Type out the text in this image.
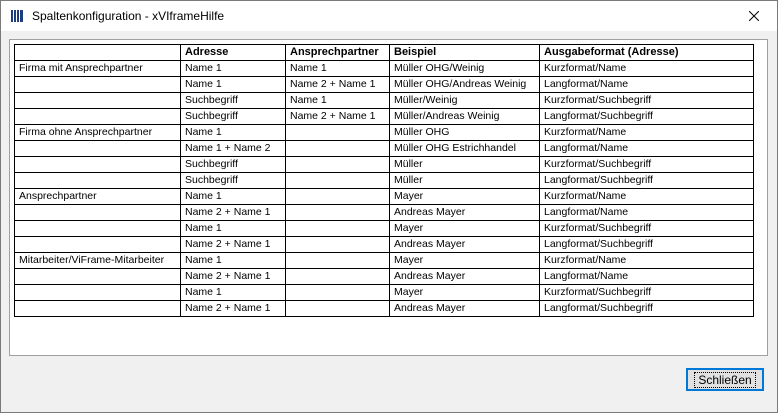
Spaltenkonfiguration - xVIframeHilfe
	Adresse	Ansprechpartner	Beispiel	Ausgabeformat (Adresse)
Firma mit Ansprechpartner	Name 1	Name 1	Müller OHG/Weinig	Kurzformat/Name
	Name 1	Name 2 + Name 1	Müller OHG/Andreas Weinig	Langformat/Name
	Suchbegriff	Name 1	Müller/Weinig	Kurzformat/Suchbegriff
	Suchbegriff	Name 2 + Name 1	Müller/Andreas Weinig	Langformat/Suchbegriff
Firma ohne Ansprechpartner	Name 1		Müller OHG	Kurzformat/Name
	Name 1 + Name 2		Müller OHG Estrichhandel	Langformat/Name
	Suchbegriff		Müller	Kurzformat/Suchbegriff
	Suchbegriff		Müller	Langformat/Suchbegriff
Ansprechpartner	Name 1		Mayer	Kurzformat/Name
	Name 2 + Name 1		Andreas Mayer	Langformat/Name
	Name 1		Mayer	Kurzformat/Suchbegriff
	Name 2 + Name 1		Andreas Mayer	Langformat/Suchbegriff
Mitarbeiter/ViFrame-Mitarbeiter	Name 1		Mayer	Kurzformat/Name
	Name 2 + Name 1		Andreas Mayer	Langformat/Name
	Name 1		Mayer	Kurzformat/Suchbegriff
	Name 2 + Name 1		Andreas Mayer	Langformat/Suchbegriff
Schließen
